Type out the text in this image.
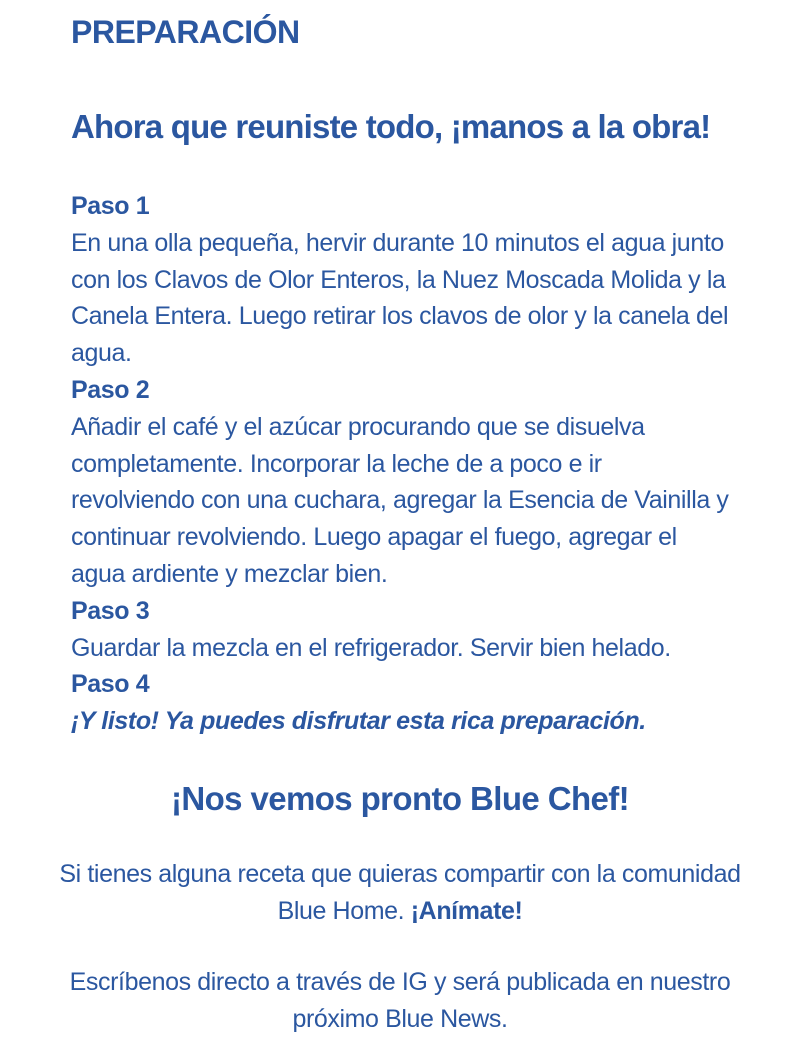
PREPARACIÓN
Ahora que reuniste todo, ¡manos a la obra!
Paso 1
En una olla pequeña, hervir durante 10 minutos el agua junto con los Clavos de Olor Enteros, la Nuez Moscada Molida y la Canela Entera. Luego retirar los clavos de olor y la canela del agua.
Paso 2
Añadir el café y el azúcar procurando que se disuelva completamente. Incorporar la leche de a poco e ir revolviendo con una cuchara, agregar la Esencia de Vainilla y continuar revolviendo. Luego apagar el fuego, agregar el agua ardiente y mezclar bien.
Paso 3
Guardar la mezcla en el refrigerador. Servir bien helado.
Paso 4
¡Y listo! Ya puedes disfrutar esta rica preparación.
¡Nos vemos pronto Blue Chef!

Si tienes alguna receta que quieras compartir con la comunidad Blue Home. ¡Anímate!

Escríbenos directo a través de IG y será publicada en nuestro próximo Blue News.
